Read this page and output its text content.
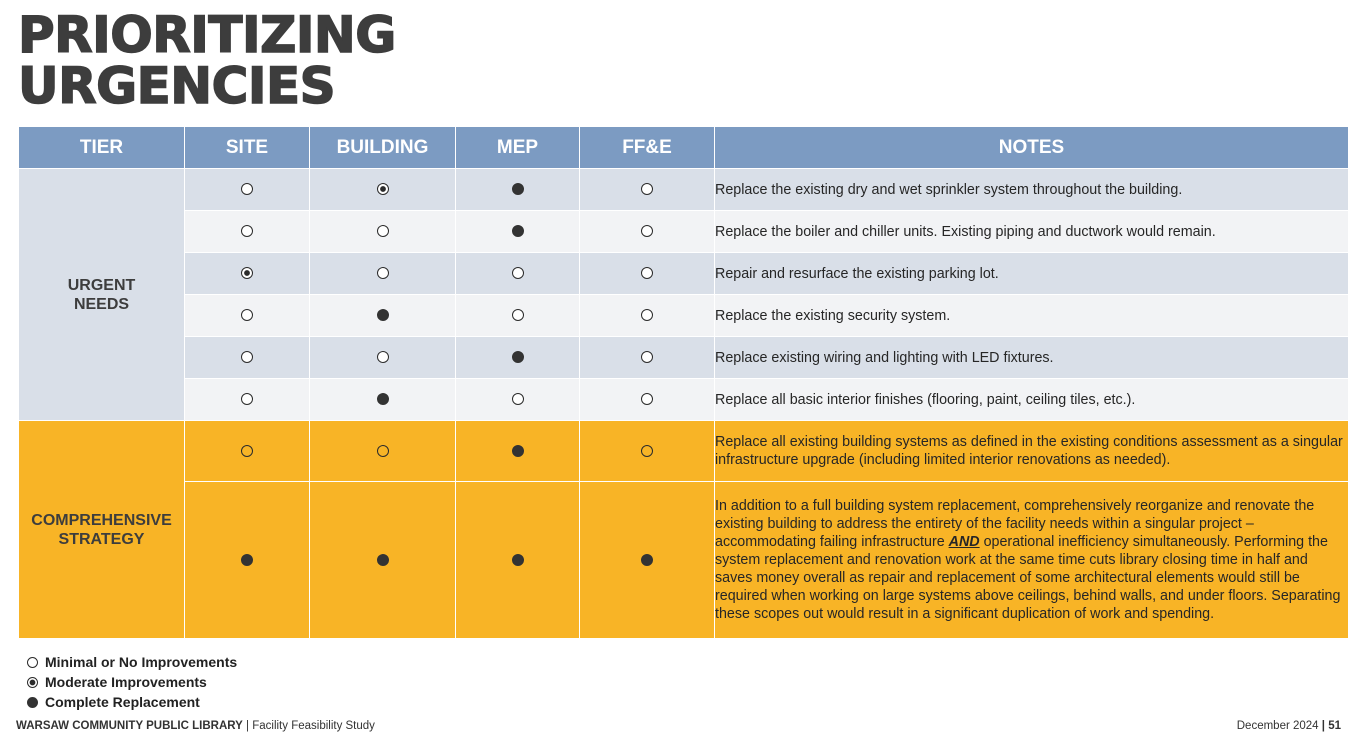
PRIORITIZING
URGENCIES
TIER	SITE	BUILDING	MEP	FF&E	NOTES

URGENT
NEEDS					Replace the existing dry and wet sprinkler system throughout the building.
					Replace the boiler and chiller units. Existing piping and ductwork would remain.
					Repair and resurface the existing parking lot.
					Replace the existing security system.
					Replace existing wiring and lighting with LED fixtures.
					Replace all basic interior finishes (flooring, paint, ceiling tiles, etc.).

COMPREHENSIVE
STRATEGY					Replace all existing building systems as defined in the existing conditions assessment as a singular infrastructure upgrade (including limited interior renovations as needed).
					In addition to a full building system replacement, comprehensively reorganize and renovate the existing building to address the entirety of the facility needs within a singular project – accommodating failing infrastructure AND operational inefficiency simultaneously. Performing the system replacement and renovation work at the same time cuts library closing time in half and saves money overall as repair and replacement of some architectural elements would still be required when working on large systems above ceilings, behind walls, and under floors. Separating these scopes out would result in a significant duplication of work and spending.
Minimal or No Improvements
Moderate Improvements
Complete Replacement
WARSAW COMMUNITY PUBLIC LIBRARY | Facility Feasibility Study	December 2024 | 51
